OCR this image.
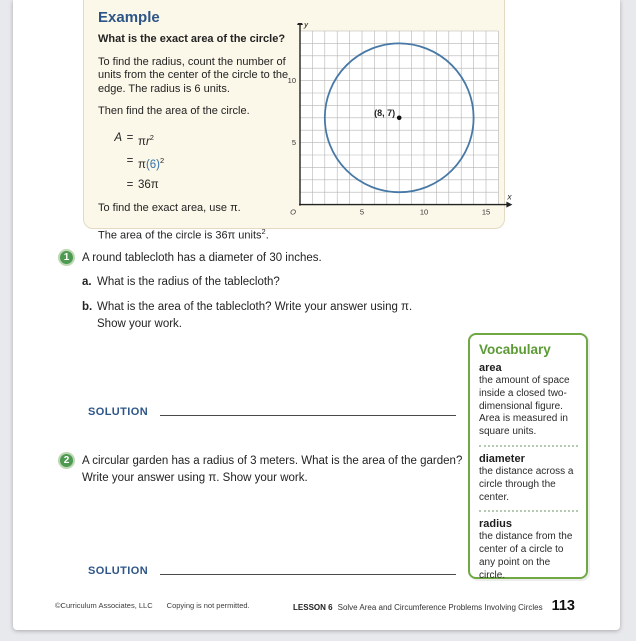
Example
What is the exact area of the circle?
To find the radius, count the number of units from the center of the circle to the edge. The radius is 6 units.
Then find the area of the circle.
$A = \pi r^2$
= $\pi(6)^2$
= 36π
To find the exact area, use π.
The area of the circle is 36π units$^2$.
5
10
5	10	15
y
x
O
(8, 7)
1	A round tablecloth has a diameter of 30 inches.
a. What is the radius of the tablecloth?
b. What is the area of the tablecloth? Write your answer using π.
Show your work.
SOLUTION
2	A circular garden has a radius of 3 meters. What is the area of the garden?
Write your answer using π. Show your work.
SOLUTION
Vocabulary
area
the amount of space inside a closed two-dimensional figure. Area is measured in square units.
diameter
the distance across a circle through the center.
radius
the distance from the center of a circle to any point on the circle.
©Curriculum Associates, LLC Copying is not permitted.	LESSON 6 Solve Area and Circumference Problems Involving Circles 113
